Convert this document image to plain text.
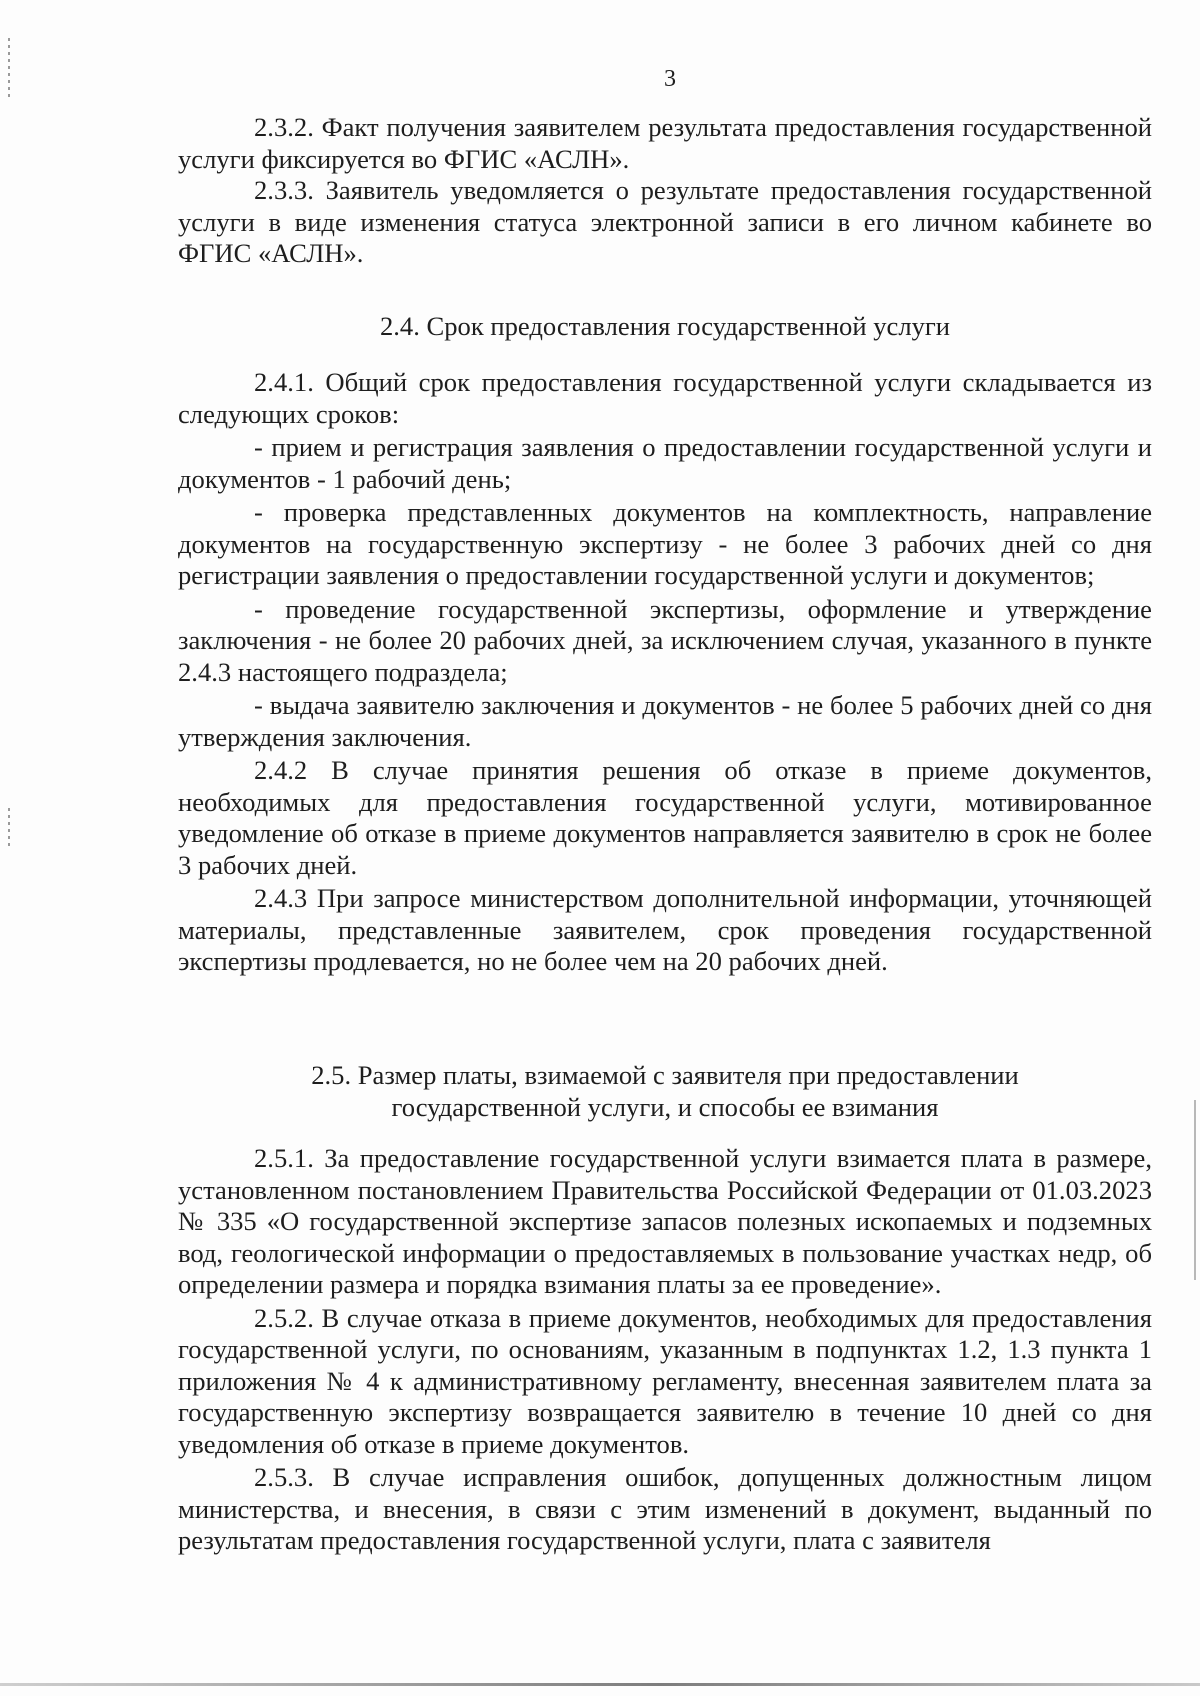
3

2.3.2. Факт получения заявителем результата предоставления государственной услуги фиксируется во ФГИС «АСЛН».

2.3.3. Заявитель уведомляется о результате предоставления государственной услуги в виде изменения статуса электронной записи в его личном кабинете во ФГИС «АСЛН».

2.4. Срок предоставления государственной услуги

2.4.1. Общий срок предоставления государственной услуги складывается из следующих сроков:

- прием и регистрация заявления о предоставлении государственной услуги и документов - 1 рабочий день;

- проверка представленных документов на комплектность, направление документов на государственную экспертизу - не более 3 рабочих дней со дня регистрации заявления о предоставлении государственной услуги и документов;

- проведение государственной экспертизы, оформление и утверждение заключения - не более 20 рабочих дней, за исключением случая, указанного в пункте 2.4.3 настоящего подраздела;

- выдача заявителю заключения и документов - не более 5 рабочих дней со дня утверждения заключения.

2.4.2 В случае принятия решения об отказе в приеме документов, необходимых для предоставления государственной услуги, мотивированное уведомление об отказе в приеме документов направляется заявителю в срок не более 3 рабочих дней.

2.4.3 При запросе министерством дополнительной информации, уточняющей материалы, представленные заявителем, срок проведения государственной экспертизы продлевается, но не более чем на 20 рабочих дней.

2.5. Размер платы, взимаемой с заявителя при предоставлении
государственной услуги, и способы ее взимания

2.5.1. За предоставление государственной услуги взимается плата в размере, установленном постановлением Правительства Российской Федерации от 01.03.2023 № 335 «О государственной экспертизе запасов полезных ископаемых и подземных вод, геологической информации о предоставляемых в пользование участках недр, об определении размера и порядка взимания платы за ее проведение».

2.5.2. В случае отказа в приеме документов, необходимых для предоставления государственной услуги, по основаниям, указанным в подпунктах 1.2, 1.3 пункта 1 приложения № 4 к административному регламенту, внесенная заявителем плата за государственную экспертизу возвращается заявителю в течение 10 дней со дня уведомления об отказе в приеме документов.

2.5.3. В случае исправления ошибок, допущенных должностным лицом министерства, и внесения, в связи с этим изменений в документ, выданный по результатам предоставления государственной услуги, плата с заявителя
